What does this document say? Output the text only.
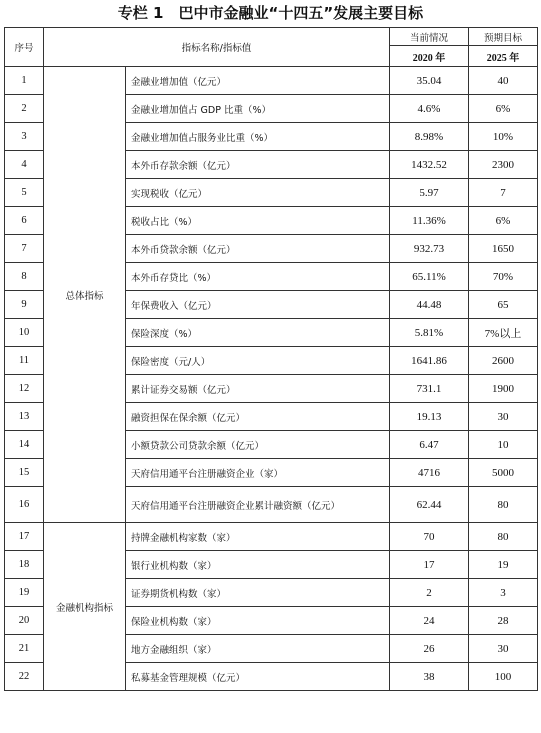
专栏 1　巴中市金融业“十四五”发展主要目标
序号	指标名称/指标值		当前情况	预期目标
			2020 年	2025 年
1	总体指标	金融业增加值（亿元）	35.04	40
2		金融业增加值占 GDP 比重（%）	4.6%	6%
3		金融业增加值占服务业比重（%）	8.98%	10%
4		本外币存款余额（亿元）	1432.52	2300
5		实现税收（亿元）	5.97	7
6		税收占比（%）	11.36%	6%
7		本外币贷款余额（亿元）	932.73	1650
8		本外币存贷比（%）	65.11%	70%
9		年保费收入（亿元）	44.48	65
10		保险深度（%）	5.81%	7%以上
11		保险密度（元/人）	1641.86	2600
12		累计证券交易额（亿元）	731.1	1900
13		融资担保在保余额（亿元）	19.13	30
14		小额贷款公司贷款余额（亿元）	6.47	10
15		天府信用通平台注册融资企业（家）	4716	5000
16		天府信用通平台注册融资企业累计融资额（亿元）	62.44	80
17	金融机构指标	持牌金融机构家数（家）	70	80
18		银行业机构数（家）	17	19
19		证券期货机构数（家）	2	3
20		保险业机构数（家）	24	28
21		地方金融组织（家）	26	30
22		私募基金管理规模（亿元）	38	100
